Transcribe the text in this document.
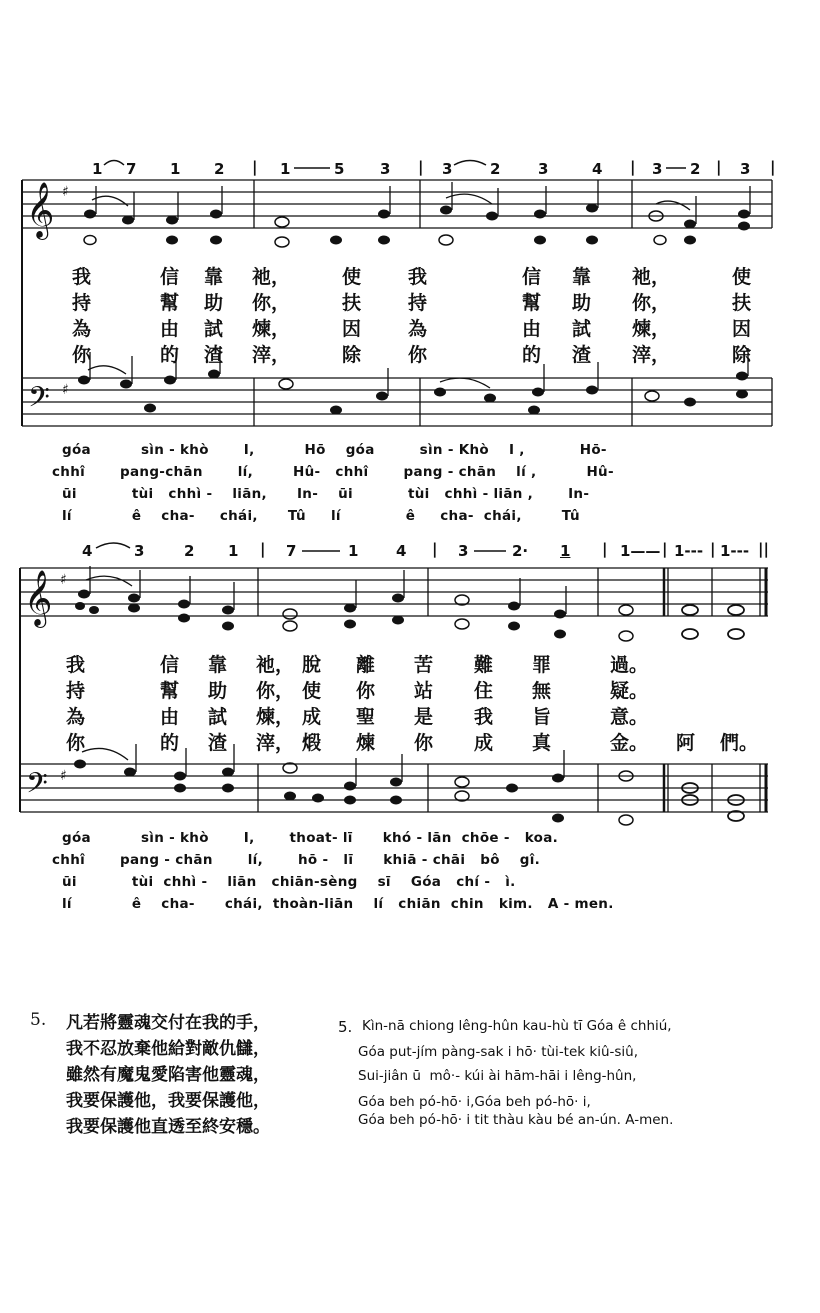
𝄞
𝄢
𝄞
𝄢
♯
♯
♯
♯
1 7 1 2 | 1	5 3 | 3	2	3	4 | 3 2 | 3 |
我	信 靠 祂，	使 我	信 靠 祂，	使
持	幫 助 你，	扶 持	幫 助 你，	扶
為	由 試 煉，	因 為	由 試 煉，	因
你	的 渣 滓，	除 你	的 渣 滓，	除
góa          sìn - khò       I,          Hō    góa         sìn - Khò    I ,           Hō-
chhî       pang-chān       lí,        Hû-   chhî       pang - chān    lí ,          Hû-
ūi           tùi   chhì -    liān,      In-    ūi           tùi   chhì - liān ,       In-
lí            ê    cha-     chái,      Tû     lí             ê     cha-  chái,        Tû
4	3	2 1 | 7	1	4 | 3	2· 1 | 1—— | 1--- | 1--- ||
我	信 靠 祂， 脫 離 苦 難 罪	過。
持	幫 助 你， 使 你 站 住 無	疑。
為	由 試 煉， 成 聖 是 我 旨	意。
你	的 渣 滓， 煅 煉 你 成 真	金。 阿 們。
góa          sìn - khò       I,       thoat- lī      khó - lān  chōe -   koa.
chhî       pang - chān       lí,       hō -   lī      khiā - chāi   bô    gî.
ūi           tùi  chhì -    liān   chiān-sèng    sī    Góa   chí -   ì.
lí            ê    cha-      chái,  thoàn-liān    lí   chiān  chin   kim.   A - men.
5. 凡若將靈魂交付在我的手，
我不忍放棄他給對敵仇讎，
雖然有魔鬼愛陷害他靈魂，
我要保護他，我要保護他，
我要保護他直透至終安穩。
5. Kìn-nā chiong lêng-hûn kau-hù tī Góa ê chhiú,
Góa put-jím pàng-sak i hō· tùi-tek kiû-siû,
Sui-jiân ū  mô·- kúi ài hām-hāi i lêng-hûn,
Góa beh pó-hō· i,Góa beh pó-hō· i,
Góa beh pó-hō· i tit thàu kàu bé an-ún. A-men.
